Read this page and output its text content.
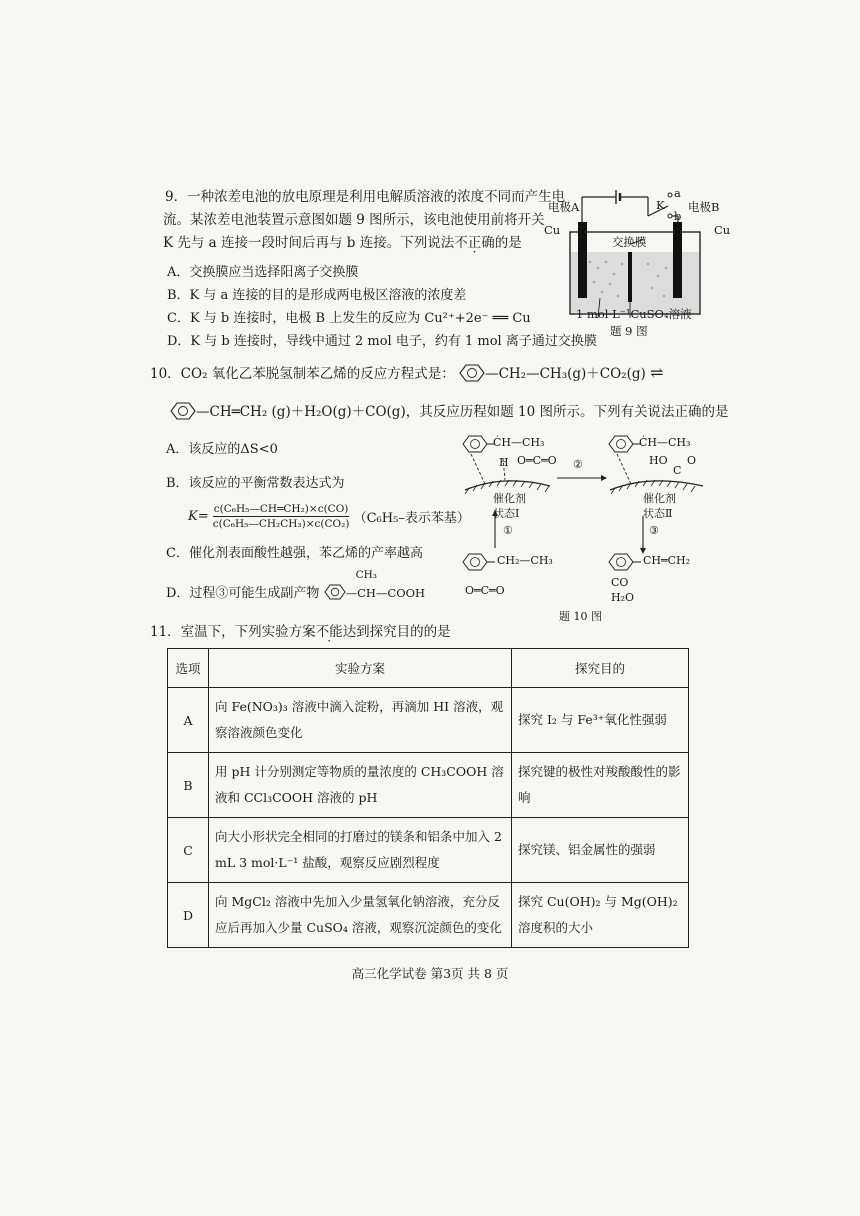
9．一种浓差电池的放电原理是利用电解质溶液的浓度不同而产生电
流。某浓差电池装置示意图如题 9 图所示，该电池使用前将开关
K 先与 a 连接一段时间后再与 b 连接。下列说法不正确的是
A．交换膜应当选择阳离子交换膜
B．K 与 a 连接的目的是形成两电极区溶液的浓度差
C．K 与 b 连接时，电极 B 上发生的反应为 Cu²⁺+2e⁻ ══ Cu
D．K 与 b 连接时，导线中通过 2 mol 电子，约有 1 mol 离子通过交换膜
电极A	电极B
a
K
b
Cu	Cu
交换膜
1 mol·L⁻¹CuSO₄溶液
题 9 图
10．CO₂ 氧化乙苯脱氢制苯乙烯的反应方程式是： —CH₂—CH₃(g)＋CO₂(g) ⇌
—CH═CH₂ (g)＋H₂O(g)＋CO(g)，其反应历程如题 10 图所示。下列有关说法正确的是
A．该反应的ΔS<0
B．该反应的平衡常数表达式为
$K= \frac{\text{c(C₆H₅—CH═CH₂)×c(CO)}}{\text{c(C₆H₅—CH₂CH₃)×c(CO₂)}} (C_6H_5-$表示苯基）
C．催化剂表面酸性越强，苯乙烯的产率越高
D．过程③可能生成副产物
CH₃
—CH—COOH
ĊH—CH₃
H O═C═O
催化剂
状态Ⅰ
②
ĊH—CH₃
HO
C
O
催化剂
状态Ⅱ
①	③
CH₂—CH₃	CH═CH₂
O═C═O
CO
H₂O
题 10 图
11．室温下，下列实验方案不能达到探究目的的是
选项	实验方案	探究目的
A	向 Fe(NO₃)₃ 溶液中滴入淀粉，再滴加 HI 溶液，观察溶液颜色变化	探究 I₂ 与 Fe³⁺氧化性强弱
B	用 pH 计分别测定等物质的量浓度的 CH₃COOH 溶液和 CCl₃COOH 溶液的 pH	探究键的极性对羧酸酸性的影响
C	向大小形状完全相同的打磨过的镁条和铝条中加入 2 mL 3 mol·L⁻¹ 盐酸，观察反应剧烈程度	探究镁、铝金属性的强弱
D	向 MgCl₂ 溶液中先加入少量氢氧化钠溶液，充分反应后再加入少量 CuSO₄ 溶液，观察沉淀颜色的变化	探究 Cu(OH)₂ 与 Mg(OH)₂ 溶度积的大小
高三化学试卷 第3页 共 8 页
